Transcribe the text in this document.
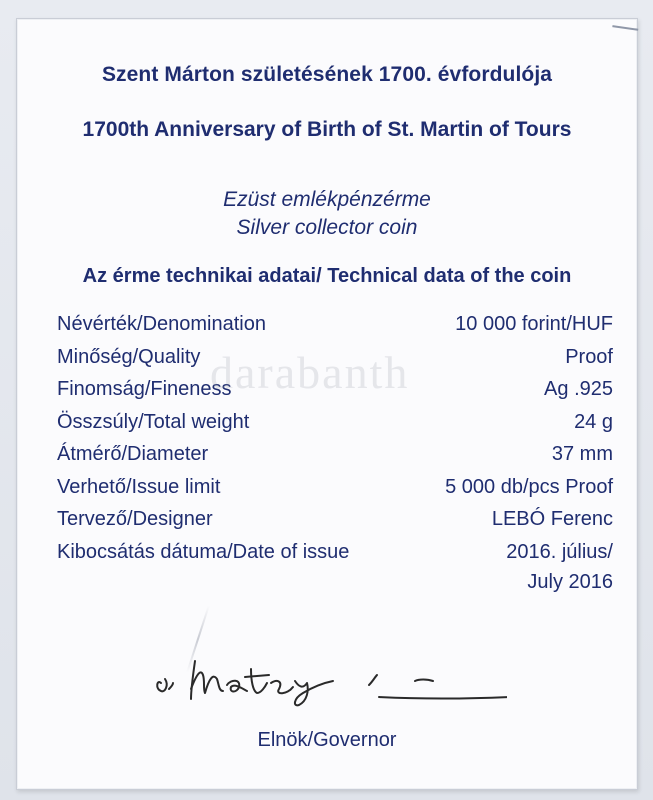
Szent Márton születésének 1700. évfordulója
1700th Anniversary of Birth of St. Martin of Tours
Ezüst emlékpénzérme
Silver collector coin
Az érme technikai adatai/ Technical data of the coin
Névérték/Denomination	10 000 forint/HUF
Minőség/Quality	Proof
Finomság/Fineness	Ag .925
Összsúly/Total weight	24 g
Átmérő/Diameter	37 mm
Verhető/Issue limit	5 000 db/pcs Proof
Tervező/Designer	LEBÓ Ferenc
Kibocsátás dátuma/Date of issue	2016. július/
July 2016
Elnök/Governor
darabanth
